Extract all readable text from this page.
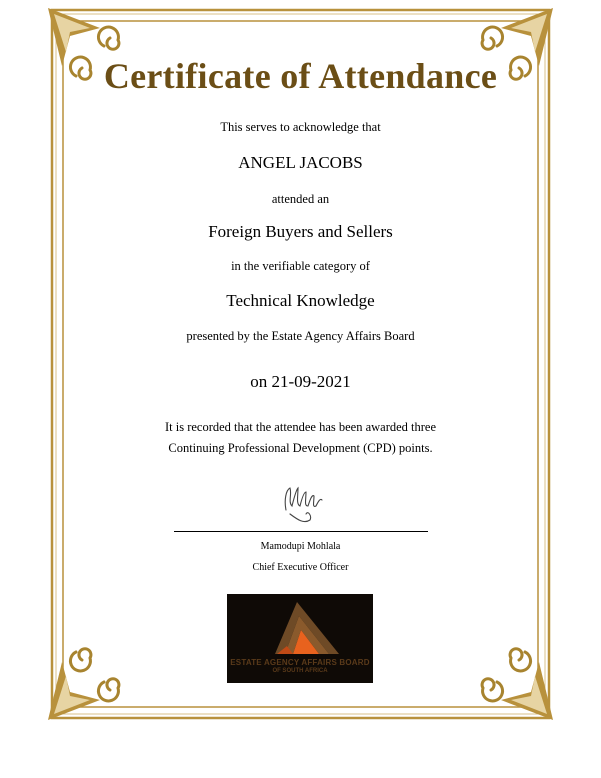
Certificate of Attendance
This serves to acknowledge that
ANGEL JACOBS
attended an
Foreign Buyers and Sellers
in the verifiable category of
Technical Knowledge
presented by the Estate Agency Affairs Board
on 21-09-2021
It is recorded that the attendee has been awarded three
Continuing Professional Development (CPD) points.
Mamodupi Mohlala
Chief Executive Officer
ESTATE AGENCY AFFAIRS BOARD
OF SOUTH AFRICA
